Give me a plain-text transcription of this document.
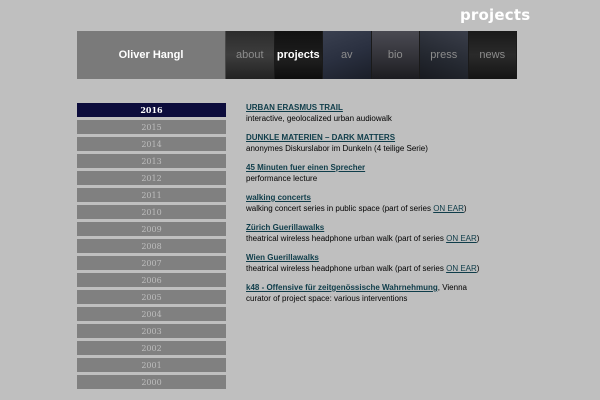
projects
Oliver Hangl	about	projects	av	bio	press	news
2016
2015
2014
2013
2012
2011
2010
2009
2008
2007
2006
2005
2004
2003
2002
2001
2000
URBAN ERASMUS TRAIL
interactive, geolocalized urban audiowalk
DUNKLE MATERIEN – DARK MATTERS
anonymes Diskurslabor im Dunkeln (4 teilige Serie)
45 Minuten fuer einen Sprecher
performance lecture
walking concerts
walking concert series in public space (part of series ON EAR)
Zürich Guerillawalks
theatrical wireless headphone urban walk (part of series ON EAR)
Wien Guerillawalks
theatrical wireless headphone urban walk (part of series ON EAR)
k48 - Offensive für zeitgenössische Wahrnehmung, Vienna
curator of project space: various interventions
